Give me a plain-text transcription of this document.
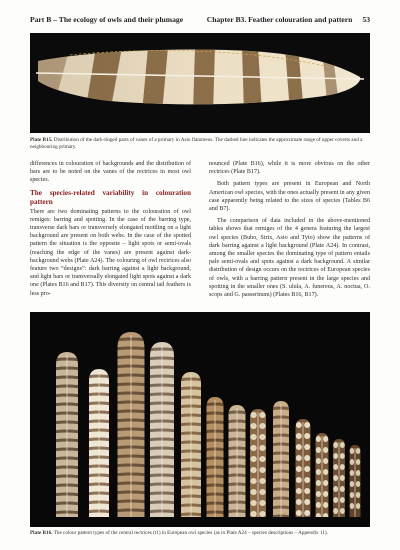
Part B – The ecology of owls and their plumage	Chapter B3. Feather colouration and pattern 53
Plate B15. Distribution of the dark-tinged parts of vanes of a primary in Asio flammeus. The dashed line indicates the approximate range of upper coverts and a neighbouring primary.

differences in colouration of backgrounds and the distribution of bars are to be noted on the vanes of the rectrices in most owl species.

The species-related variability in colouration pattern

There are two dominating patterns to the colouration of owl remiges: barring and spotting. In the case of the barring type, transverse dark bars or transversely elongated mottling on a light background are present on both webs. In the case of the spotted pattern the situation is the opposite – light spots or semi-ovals (reaching the edge of the vanes) are present against dark-background webs (Plate A24). The colouring of owl rectrices also feature two “designs”: dark barring against a light background, and light bars or transversally elongated light spots against a dark one (Plates B16 and B17). This diversity on central tail feathers is less pro-

nounced (Plate B16), while it is more obvious on the other rectrices (Plate B17).

Both pattern types are present in European and North American owl species, with the ones actually present in any given case apparently being related to the sizes of species (Tables B6 and B7).

The comparison of data included in the above-mentioned tables shows that remiges of the 4 genera featuring the largest owl species (Bubo, Strix, Asio and Tyto) show the patterns of dark barring against a light background (Plate A24). In contrast, among the smaller species the dominating type of pattern entails pale semi-ovals and spots against a dark background. A similar distribution of design occurs on the rectrices of European species of owls, with a barring pattern present in the large species and spotting in the smaller ones (S. ulula, A. funereus, A. noctua, O. scops and G. passerinum) (Plates B16, B17).

Plate B16. The colour pattern types of the central rectrices (t1) in European owl species (as in Plate A24 – species descriptions – Appendix 11).
